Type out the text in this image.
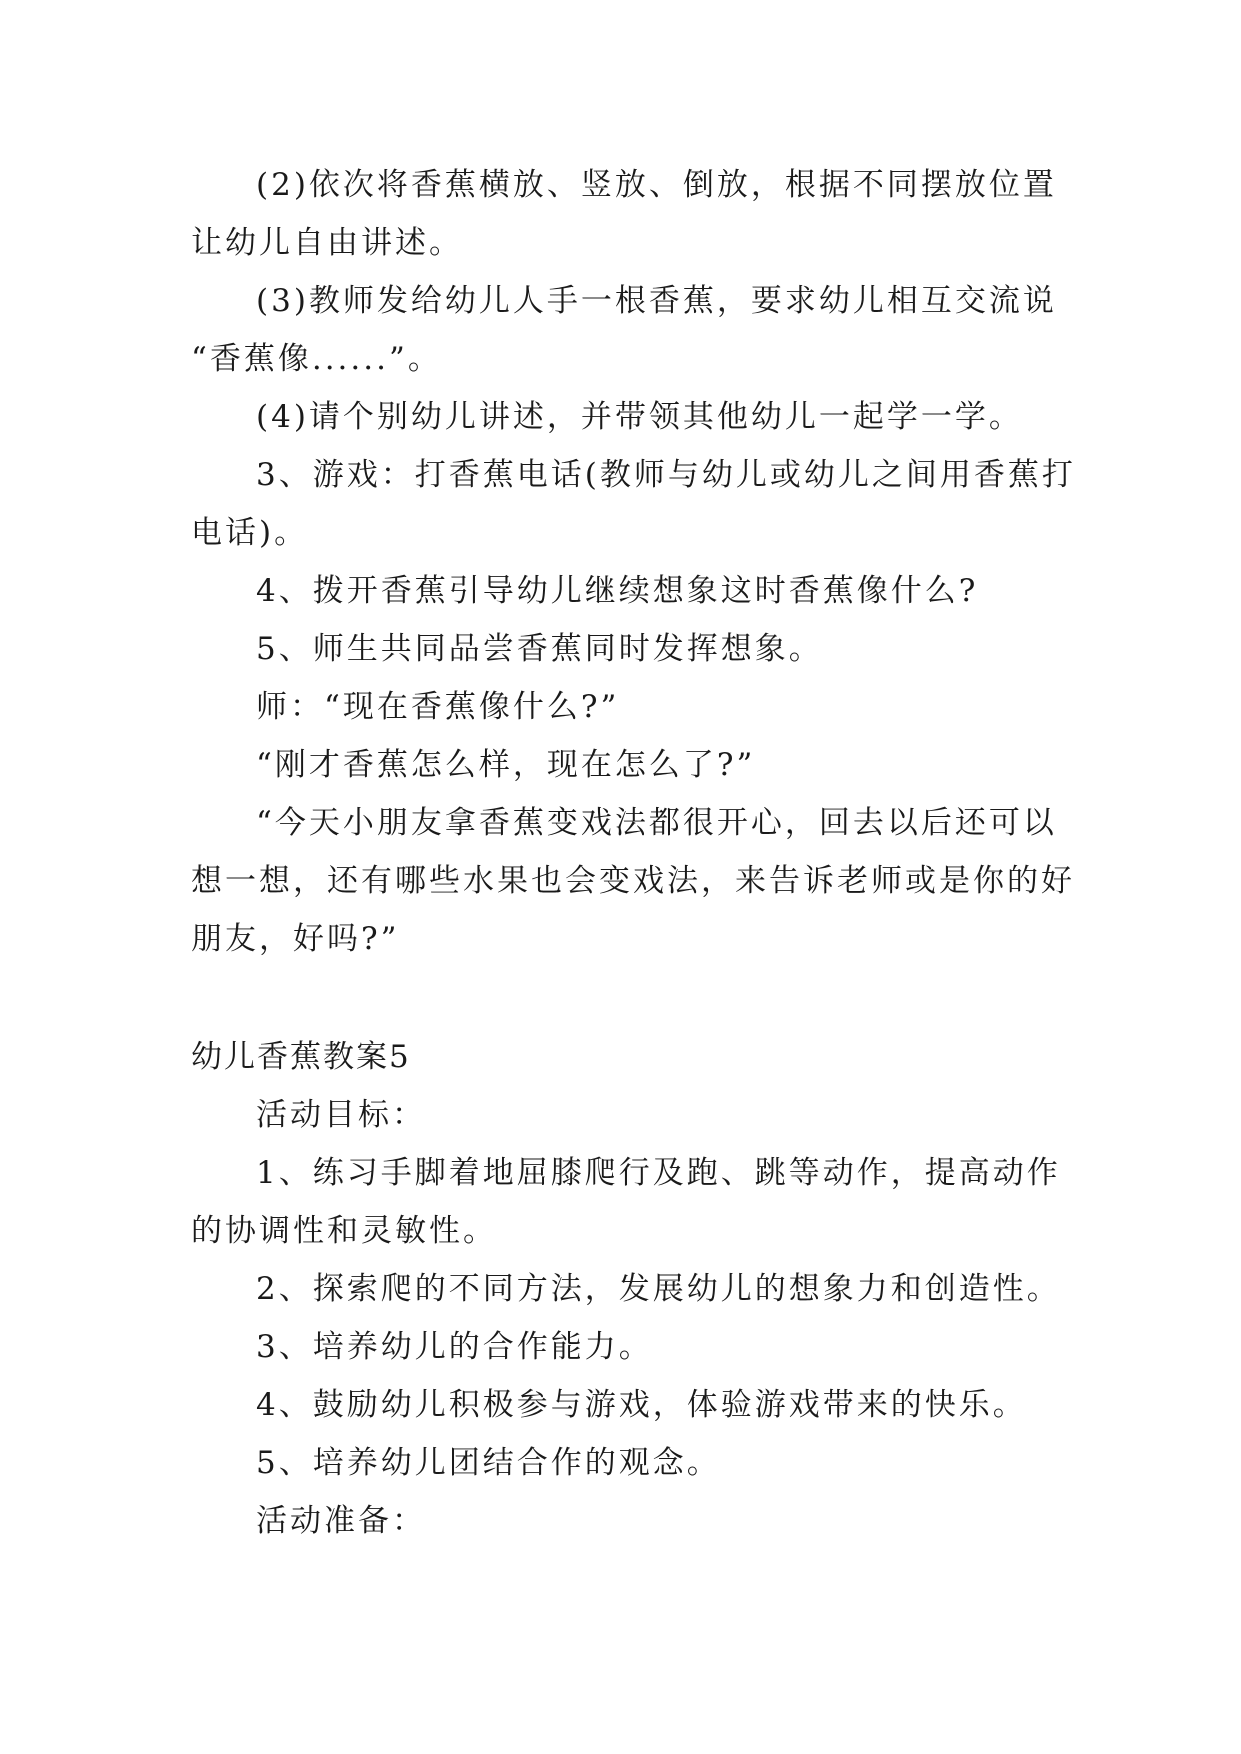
(2)依次将香蕉横放、竖放、倒放，根据不同摆放位置
让幼儿自由讲述。
(3)教师发给幼儿人手一根香蕉，要求幼儿相互交流说
“香蕉像......”。
(4)请个别幼儿讲述，并带领其他幼儿一起学一学。
3、游戏：打香蕉电话(教师与幼儿或幼儿之间用香蕉打
电话)。
4、拨开香蕉引导幼儿继续想象这时香蕉像什么?
5、师生共同品尝香蕉同时发挥想象。
师：“现在香蕉像什么?”
“刚才香蕉怎么样，现在怎么了?”
“今天小朋友拿香蕉变戏法都很开心，回去以后还可以
想一想，还有哪些水果也会变戏法，来告诉老师或是你的好
朋友，好吗?”
幼儿香蕉教案5
活动目标：
1、练习手脚着地屈膝爬行及跑、跳等动作，提高动作
的协调性和灵敏性。
2、探索爬的不同方法，发展幼儿的想象力和创造性。
3、培养幼儿的合作能力。
4、鼓励幼儿积极参与游戏，体验游戏带来的快乐。
5、培养幼儿团结合作的观念。
活动准备：
